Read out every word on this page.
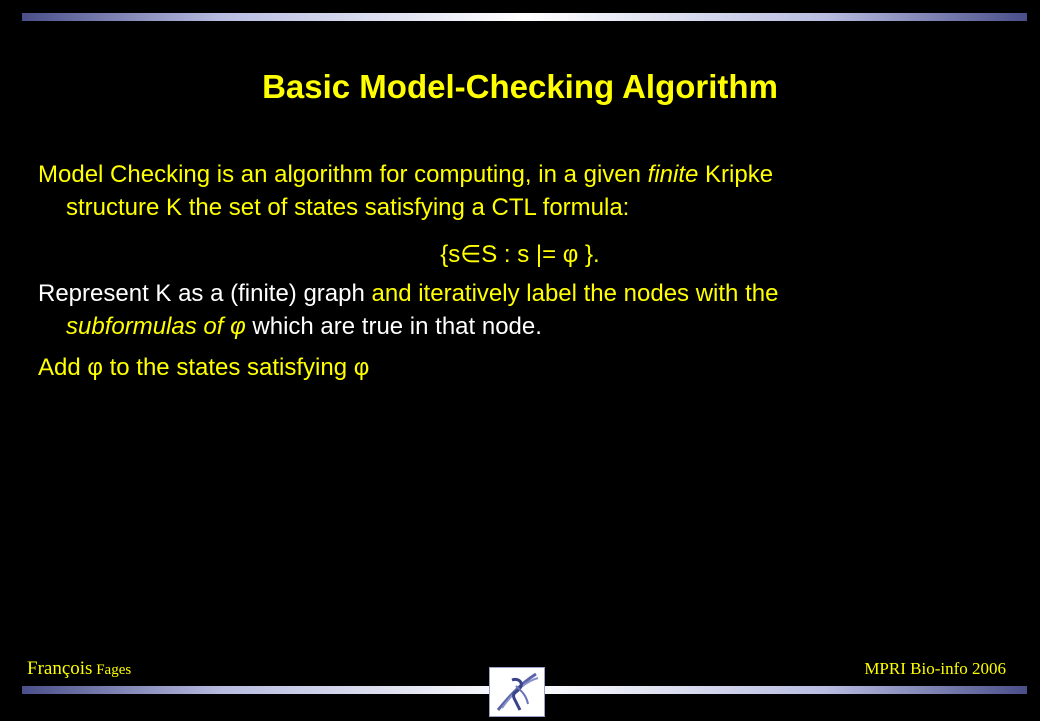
Basic Model-Checking Algorithm
Model Checking is an algorithm for computing, in a given finite Kripke
structure K the set of states satisfying a CTL formula:
{s∈S : s |= φ }.
Represent K as a (finite) graph and iteratively label the nodes with the
subformulas of φ which are true in that node.
Add φ to the states satisfying φ
François Fages	MPRI Bio-info 2006
